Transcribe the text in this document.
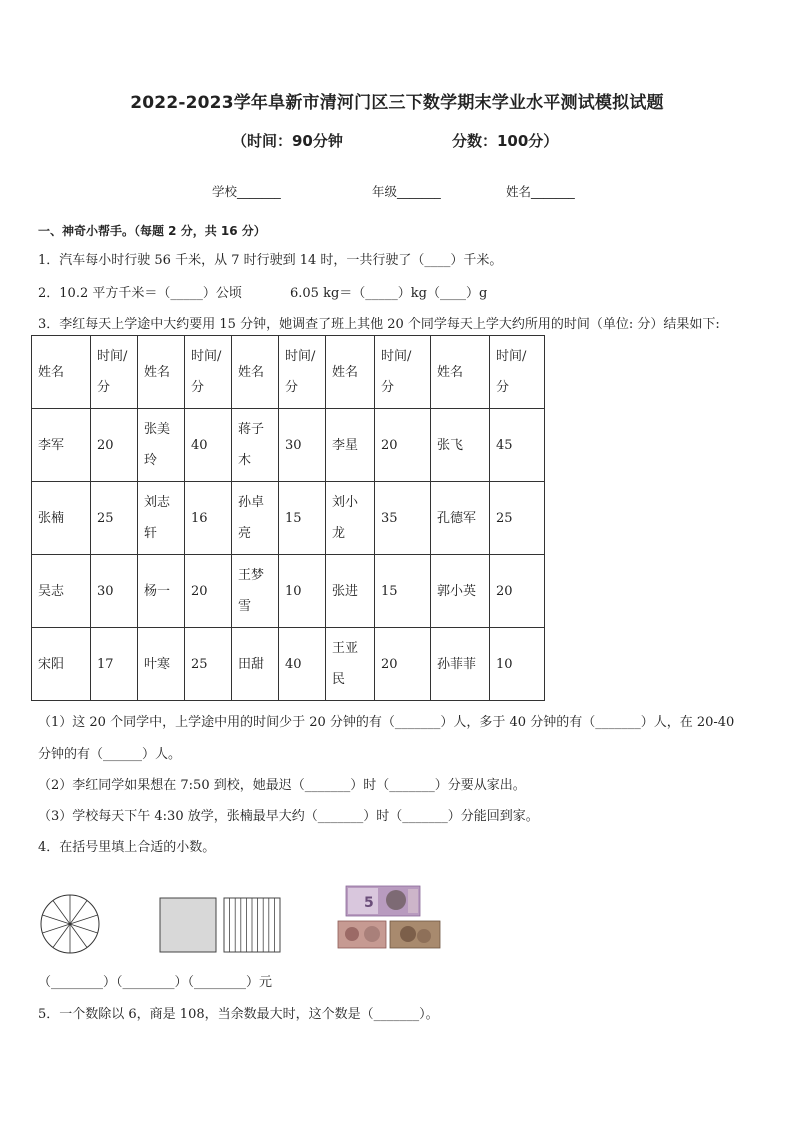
2022-2023学年阜新市清河门区三下数学期末学业水平测试模拟试题
（时间：90分钟	分数：100分）
学校_______	年级_______	姓名_______
一、神奇小帮手。（每题 2 分，共 16 分）
1．汽车每小时行驶 56 千米，从 7 时行驶到 14 时，一共行驶了（____）千米。
2．10.2 平方千米＝（_____）公顷	6.05 kg＝（_____）kg（____）g
3．李红每天上学途中大约要用 15 分钟，她调查了班上其他 20 个同学每天上学大约所用的时间（单位: 分）结果如下:
姓名	时间/分	姓名	时间/分	姓名	时间/分	姓名	时间/分	姓名	时间/分
李军	20	张美玲	40	蒋子木	30	李星	20	张飞	45
张楠	25	刘志轩	16	孙卓亮	15	刘小龙	35	孔德军	25
吴志	30	杨一	20	王梦雪	10	张进	15	郭小英	20
宋阳	17	叶寒	25	田甜	40	王亚民	20	孙菲菲	10
（1）这 20 个同学中，上学途中用的时间少于 20 分钟的有（_______）人，多于 40 分钟的有（_______）人，在 20-40
分钟的有（______）人。
（2）李红同学如果想在 7:50 到校，她最迟（_______）时（_______）分要从家出。
（3）学校每天下午 4:30 放学，张楠最早大约（_______）时（_______）分能回到家。
4．在括号里填上合适的小数。
5
（________）（________）（________）元
5．一个数除以 6，商是 108，当余数最大时，这个数是（_______）。
